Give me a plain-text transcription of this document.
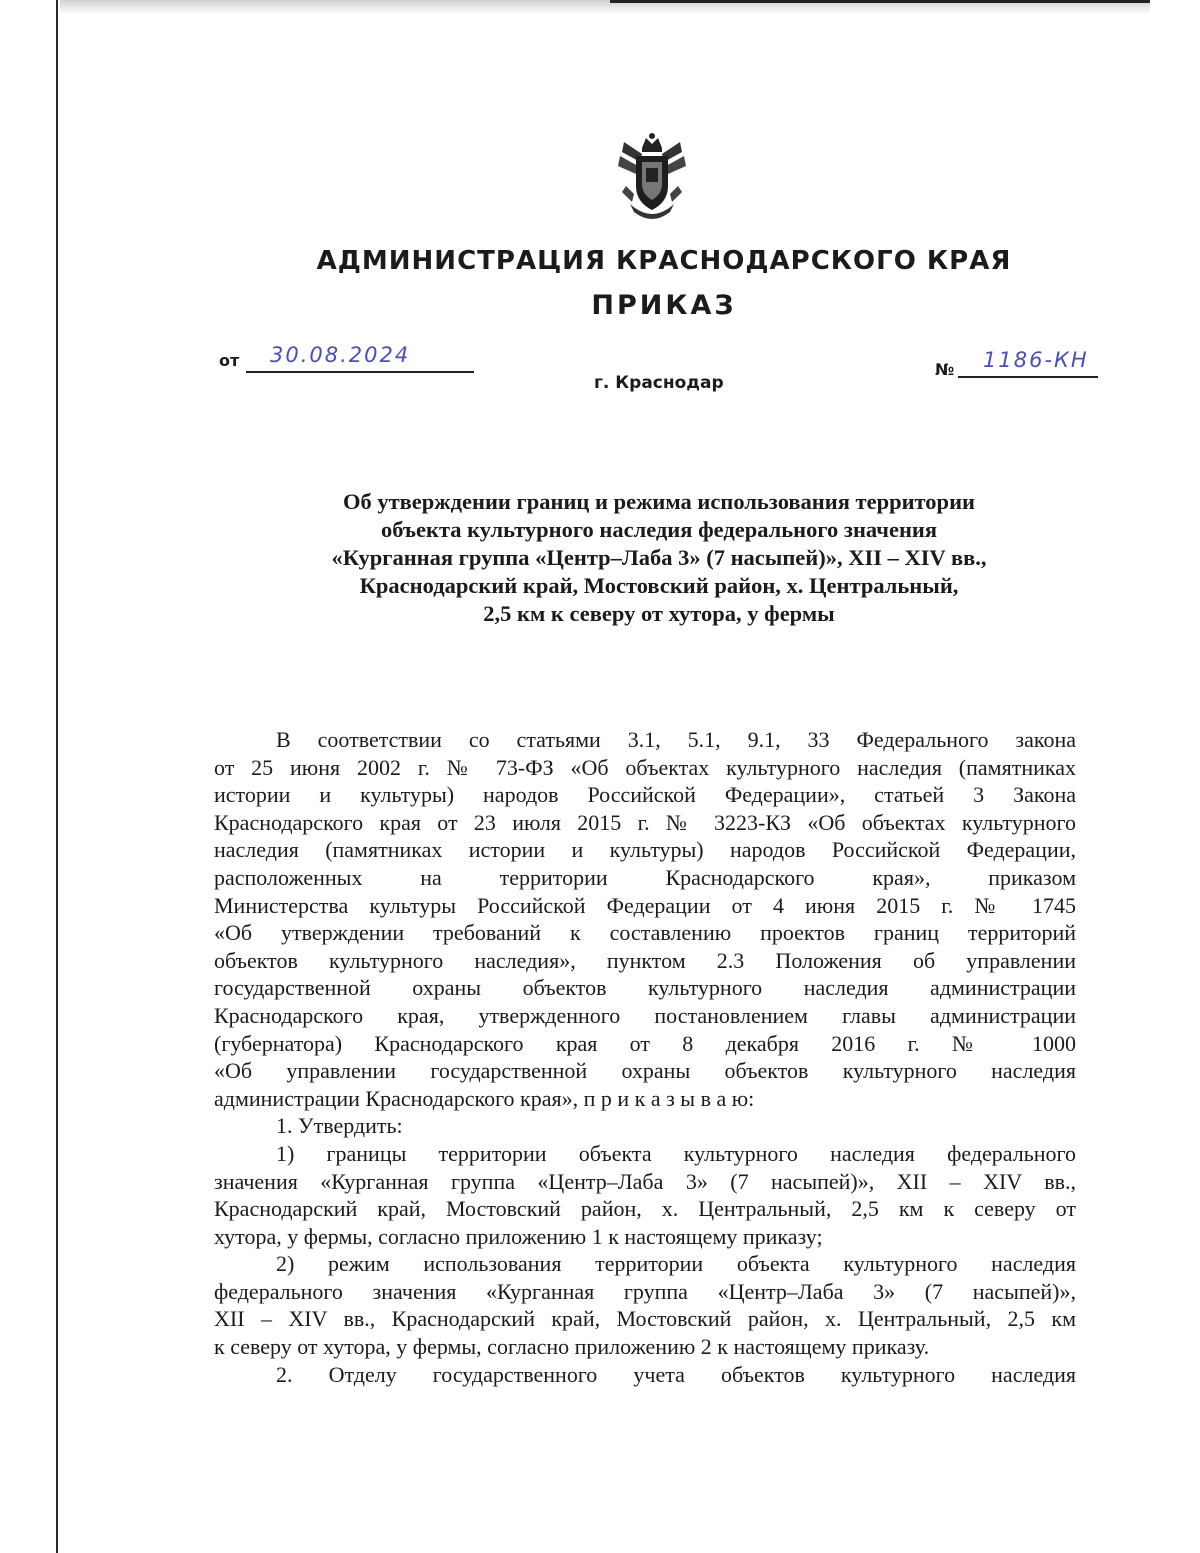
АДМИНИСТРАЦИЯ КРАСНОДАРСКОГО КРАЯ
ПРИКАЗ
от 30.08.2024
г. Краснодар
№ 1186-КН
Об утверждении границ и режима использования территории
объекта культурного наследия федерального значения
«Курганная группа «Центр–Лаба 3» (7 насыпей)», XII – XIV вв.,
Краснодарский край, Мостовский район, х. Центральный,
2,5 км к северу от хутора, у фермы
В соответствии со статьями 3.1, 5.1, 9.1, 33 Федерального закона
от 25 июня 2002 г. № 73-ФЗ «Об объектах культурного наследия (памятниках
истории и культуры) народов Российской Федерации», статьей 3 Закона
Краснодарского края от 23 июля 2015 г. № 3223-КЗ «Об объектах культурного
наследия (памятниках истории и культуры) народов Российской Федерации,
расположенных на территории Краснодарского края», приказом
Министерства культуры Российской Федерации от 4 июня 2015 г. № 1745
«Об утверждении требований к составлению проектов границ территорий
объектов культурного наследия», пунктом 2.3 Положения об управлении
государственной охраны объектов культурного наследия администрации
Краснодарского края, утвержденного постановлением главы администрации
(губернатора) Краснодарского края от 8 декабря 2016 г. № 1000
«Об управлении государственной охраны объектов культурного наследия
администрации Краснодарского края», п р и к а з ы в а ю:
1. Утвердить:
1) границы территории объекта культурного наследия федерального
значения «Курганная группа «Центр–Лаба 3» (7 насыпей)», XII – XIV вв.,
Краснодарский край, Мостовский район, х. Центральный, 2,5 км к северу от
хутора, у фермы, согласно приложению 1 к настоящему приказу;
2) режим использования территории объекта культурного наследия
федерального значения «Курганная группа «Центр–Лаба 3» (7 насыпей)»,
XII – XIV вв., Краснодарский край, Мостовский район, х. Центральный, 2,5 км
к северу от хутора, у фермы, согласно приложению 2 к настоящему приказу.
2. Отделу государственного учета объектов культурного наследия
